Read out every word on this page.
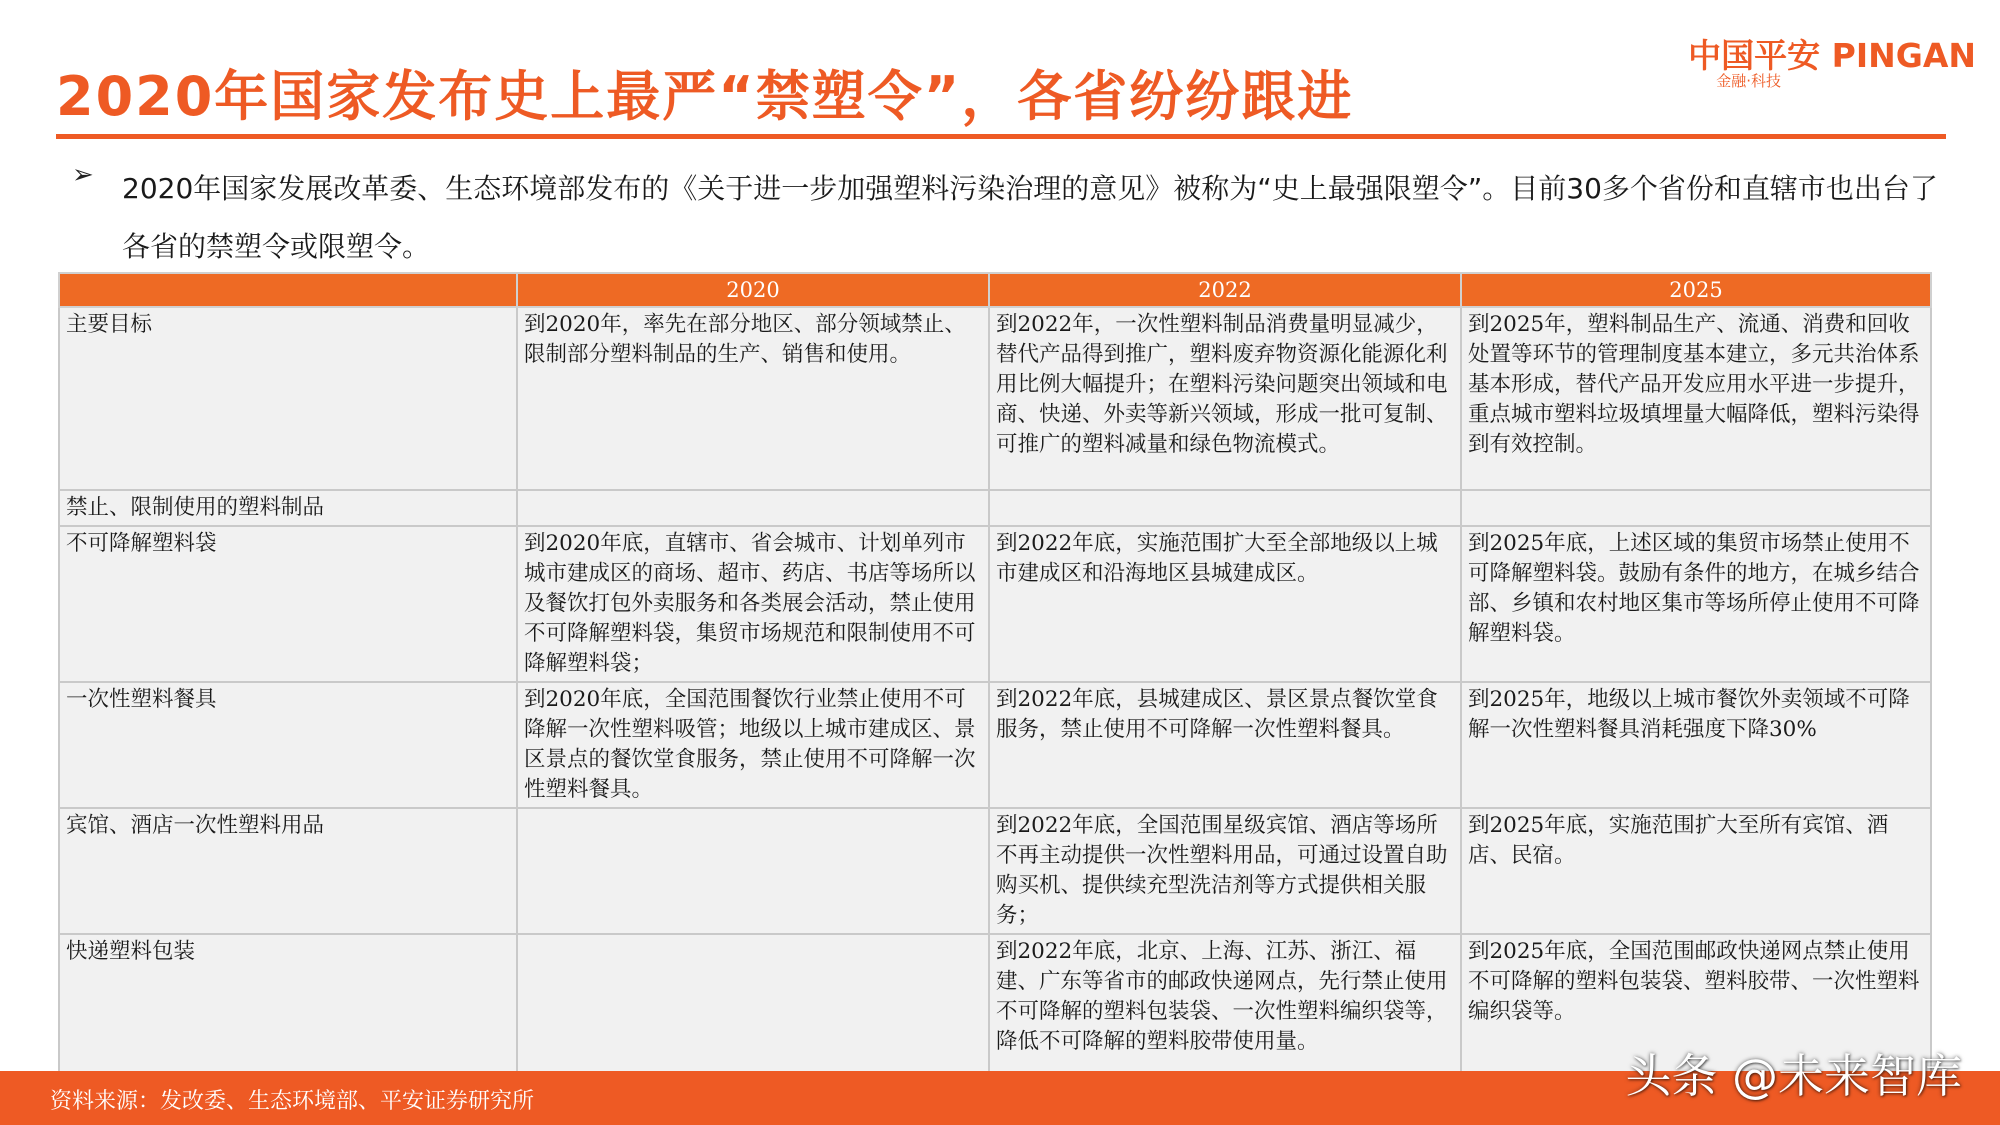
2020年国家发布史上最严“禁塑令”，各省纷纷跟进
中国平安 PINGAN
金融·科技
➢ 2020年国家发展改革委、生态环境部发布的《关于进一步加强塑料污染治理的意见》被称为“史上最强限塑令”。目前30多个省份和直辖市也出台了各省的禁塑令或限塑令。
	2020	2022	2025
主要目标	到2020年，率先在部分地区、部分领域禁止、限制部分塑料制品的生产、销售和使用。	到2022年，一次性塑料制品消费量明显减少，替代产品得到推广，塑料废弃物资源化能源化利用比例大幅提升；在塑料污染问题突出领域和电商、快递、外卖等新兴领域，形成一批可复制、可推广的塑料减量和绿色物流模式。	到2025年，塑料制品生产、流通、消费和回收处置等环节的管理制度基本建立，多元共治体系基本形成，替代产品开发应用水平进一步提升，重点城市塑料垃圾填埋量大幅降低，塑料污染得到有效控制。
禁止、限制使用的塑料制品			
不可降解塑料袋	到2020年底，直辖市、省会城市、计划单列市城市建成区的商场、超市、药店、书店等场所以及餐饮打包外卖服务和各类展会活动，禁止使用不可降解塑料袋，集贸市场规范和限制使用不可降解塑料袋；	到2022年底，实施范围扩大至全部地级以上城市建成区和沿海地区县城建成区。	到2025年底，上述区域的集贸市场禁止使用不可降解塑料袋。鼓励有条件的地方，在城乡结合部、乡镇和农村地区集市等场所停止使用不可降解塑料袋。
一次性塑料餐具	到2020年底，全国范围餐饮行业禁止使用不可降解一次性塑料吸管；地级以上城市建成区、景区景点的餐饮堂食服务，禁止使用不可降解一次性塑料餐具。	到2022年底，县城建成区、景区景点餐饮堂食服务，禁止使用不可降解一次性塑料餐具。	到2025年，地级以上城市餐饮外卖领域不可降解一次性塑料餐具消耗强度下降30%
宾馆、酒店一次性塑料用品		到2022年底，全国范围星级宾馆、酒店等场所不再主动提供一次性塑料用品，可通过设置自助购买机、提供续充型洗洁剂等方式提供相关服务；	到2025年底，实施范围扩大至所有宾馆、酒店、民宿。
快递塑料包装		到2022年底，北京、上海、江苏、浙江、福建、广东等省市的邮政快递网点，先行禁止使用不可降解的塑料包装袋、一次性塑料编织袋等，降低不可降解的塑料胶带使用量。	到2025年底，全国范围邮政快递网点禁止使用不可降解的塑料包装袋、塑料胶带、一次性塑料编织袋等。
资料来源：发改委、生态环境部、平安证券研究所	头条 @未来智库
